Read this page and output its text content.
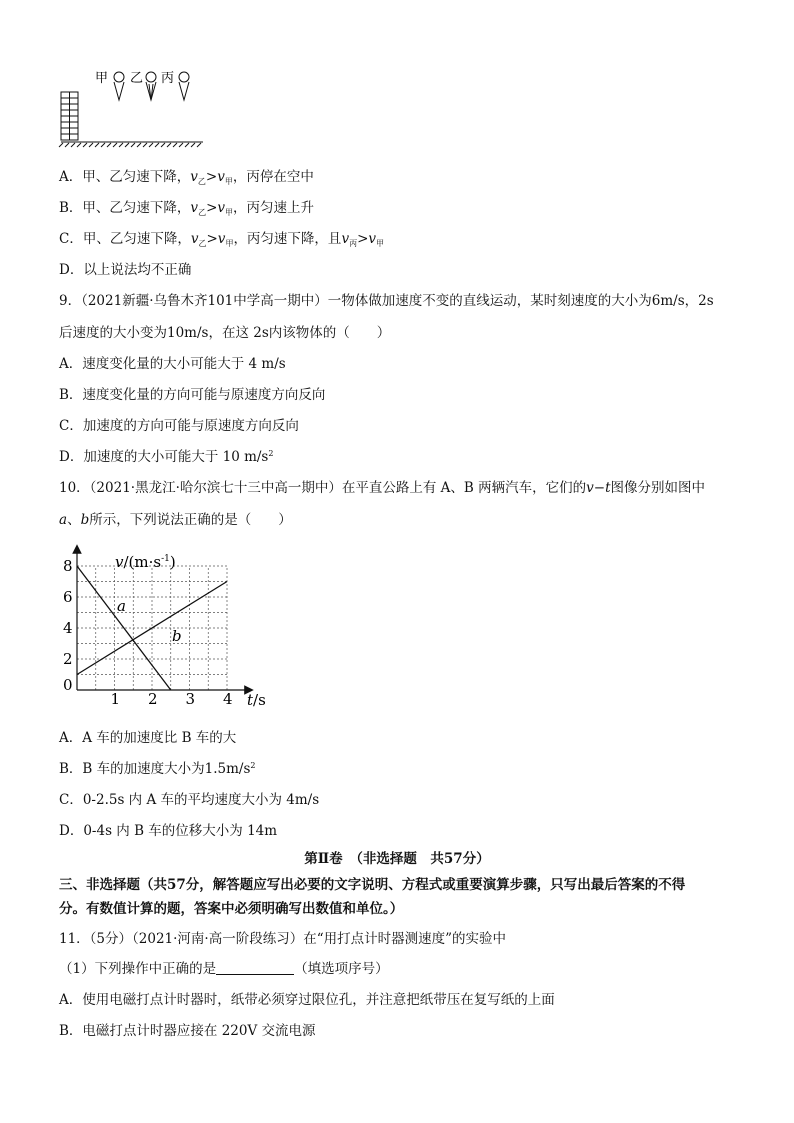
甲 乙 丙
A．甲、乙匀速下降，$v_乙>v_甲$，丙停在空中
B．甲、乙匀速下降，$v_乙>v_甲$，丙匀速上升
C．甲、乙匀速下降，$v_乙>v_甲$，丙匀速下降，且$v_丙>v_甲$
D．以上说法均不正确
9．（2021新疆·乌鲁木齐101中学高一期中）一物体做加速度不变的直线运动，某时刻速度的大小为6m/s，2s
后速度的大小变为10m/s，在这 2s内该物体的（　　）
A．速度变化量的大小可能大于 4 m/s
B．速度变化量的方向可能与原速度方向反向
C．加速度的方向可能与原速度方向反向
D．加速度的大小可能大于 10 $m/s^2$
10．（2021·黑龙江·哈尔滨七十三中高一期中）在平直公路上有 A、B 两辆汽车，它们的v−t图像分别如图中
a、b所示，下列说法正确的是（　　）
1 2 3 4
0
2
4
6
8	$v/(m\cdot s^{-1})$
t/s
a
b
A．A 车的加速度比 B 车的大
B．B 车的加速度大小为$1.5m/s^2$
C．0-2.5s 内 A 车的平均速度大小为 4m/s
D．0-4s 内 B 车的位移大小为 14m
第Ⅱ卷　（非选择题　共57分）
三、非选择题（共57分，解答题应写出必要的文字说明、方程式或重要演算步骤，只写出最后答案的不得
分。有数值计算的题，答案中必须明确写出数值和单位。）
11．（5分）（2021·河南·高一阶段练习）在“用打点计时器测速度”的实验中
（1）下列操作中正确的是	（填选项序号）
A．使用电磁打点计时器时，纸带必须穿过限位孔，并注意把纸带压在复写纸的上面
B．电磁打点计时器应接在 220V 交流电源
